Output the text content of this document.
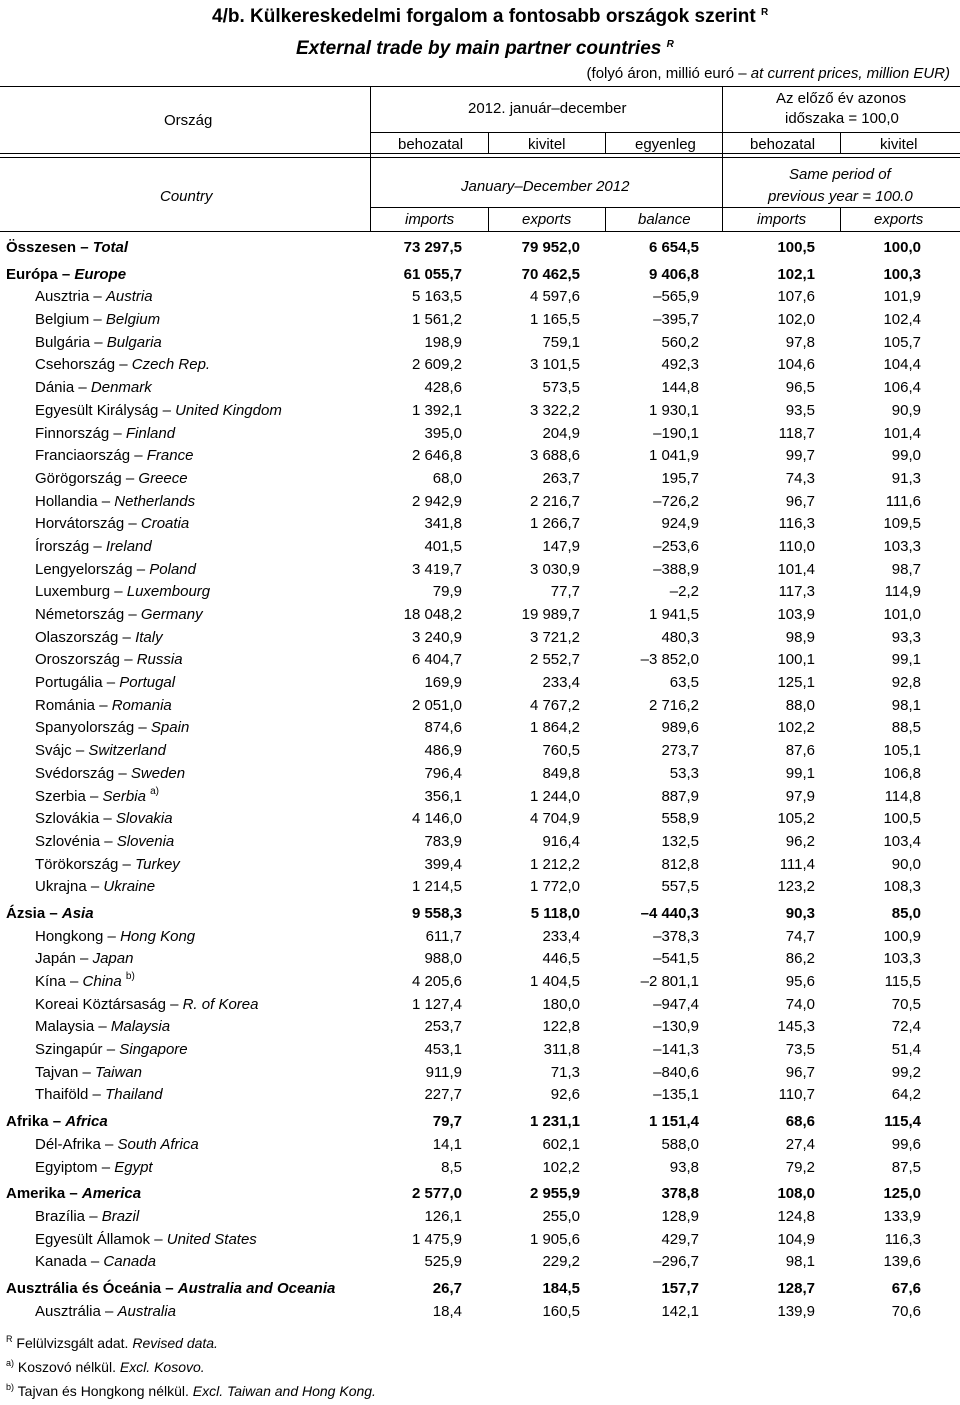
4/b. Külkereskedelmi forgalom a fontosabb országok szerint $^R$
External trade by main partner countries $^R$
(folyó áron, millió euró – at current prices, million EUR)
Ország
2012. január–december
Az előző év azonos
időszaka = 100,0
behozatal	kivitel	egyenleg	behozatal	kivitel
Country
January–December 2012
Same period of
previous year = 100.0
imports	exports	balance	imports	exports
Összesen – Total	73 297,5	79 952,0	6 654,5	100,5	100,0
Európa – Europe	61 055,7	70 462,5	9 406,8	102,1	100,3
Ausztria – Austria	5 163,5	4 597,6	–565,9	107,6	101,9
Belgium – Belgium	1 561,2	1 165,5	–395,7	102,0	102,4
Bulgária – Bulgaria	198,9	759,1	560,2	97,8	105,7
Csehország – Czech Rep.	2 609,2	3 101,5	492,3	104,6	104,4
Dánia – Denmark	428,6	573,5	144,8	96,5	106,4
Egyesült Királyság – United Kingdom	1 392,1	3 322,2	1 930,1	93,5	90,9
Finnország – Finland	395,0	204,9	–190,1	118,7	101,4
Franciaország – France	2 646,8	3 688,6	1 041,9	99,7	99,0
Görögország – Greece	68,0	263,7	195,7	74,3	91,3
Hollandia – Netherlands	2 942,9	2 216,7	–726,2	96,7	111,6
Horvátország – Croatia	341,8	1 266,7	924,9	116,3	109,5
Írország – Ireland	401,5	147,9	–253,6	110,0	103,3
Lengyelország – Poland	3 419,7	3 030,9	–388,9	101,4	98,7
Luxemburg – Luxembourg	79,9	77,7	–2,2	117,3	114,9
Németország – Germany	18 048,2	19 989,7	1 941,5	103,9	101,0
Olaszország – Italy	3 240,9	3 721,2	480,3	98,9	93,3
Oroszország – Russia	6 404,7	2 552,7	–3 852,0	100,1	99,1
Portugália – Portugal	169,9	233,4	63,5	125,1	92,8
Románia – Romania	2 051,0	4 767,2	2 716,2	88,0	98,1
Spanyolország – Spain	874,6	1 864,2	989,6	102,2	88,5
Svájc – Switzerland	486,9	760,5	273,7	87,6	105,1
Svédország – Sweden	796,4	849,8	53,3	99,1	106,8
Szerbia – Serbia $^{a)}$	356,1	1 244,0	887,9	97,9	114,8
Szlovákia – Slovakia	4 146,0	4 704,9	558,9	105,2	100,5
Szlovénia – Slovenia	783,9	916,4	132,5	96,2	103,4
Törökország – Turkey	399,4	1 212,2	812,8	111,4	90,0
Ukrajna – Ukraine	1 214,5	1 772,0	557,5	123,2	108,3
Ázsia – Asia	9 558,3	5 118,0	–4 440,3	90,3	85,0
Hongkong – Hong Kong	611,7	233,4	–378,3	74,7	100,9
Japán – Japan	988,0	446,5	–541,5	86,2	103,3
Kína – China $^{b)}$	4 205,6	1 404,5	–2 801,1	95,6	115,5
Koreai Köztársaság – R. of Korea	1 127,4	180,0	–947,4	74,0	70,5
Malaysia – Malaysia	253,7	122,8	–130,9	145,3	72,4
Szingapúr – Singapore	453,1	311,8	–141,3	73,5	51,4
Tajvan – Taiwan	911,9	71,3	–840,6	96,7	99,2
Thaiföld – Thailand	227,7	92,6	–135,1	110,7	64,2
Afrika – Africa	79,7	1 231,1	1 151,4	68,6	115,4
Dél-Afrika – South Africa	14,1	602,1	588,0	27,4	99,6
Egyiptom – Egypt	8,5	102,2	93,8	79,2	87,5
Amerika – America	2 577,0	2 955,9	378,8	108,0	125,0
Brazília – Brazil	126,1	255,0	128,9	124,8	133,9
Egyesült Államok – United States	1 475,9	1 905,6	429,7	104,9	116,3
Kanada – Canada	525,9	229,2	–296,7	98,1	139,6
Ausztrália és Óceánia – Australia and Oceania	26,7	184,5	157,7	128,7	67,6
Ausztrália – Australia	18,4	160,5	142,1	139,9	70,6
$^R$ Felülvizsgált adat. Revised data.
$^{a)}$ Koszovó nélkül. Excl. Kosovo.
$^{b)}$ Tajvan és Hongkong nélkül. Excl. Taiwan and Hong Kong.
